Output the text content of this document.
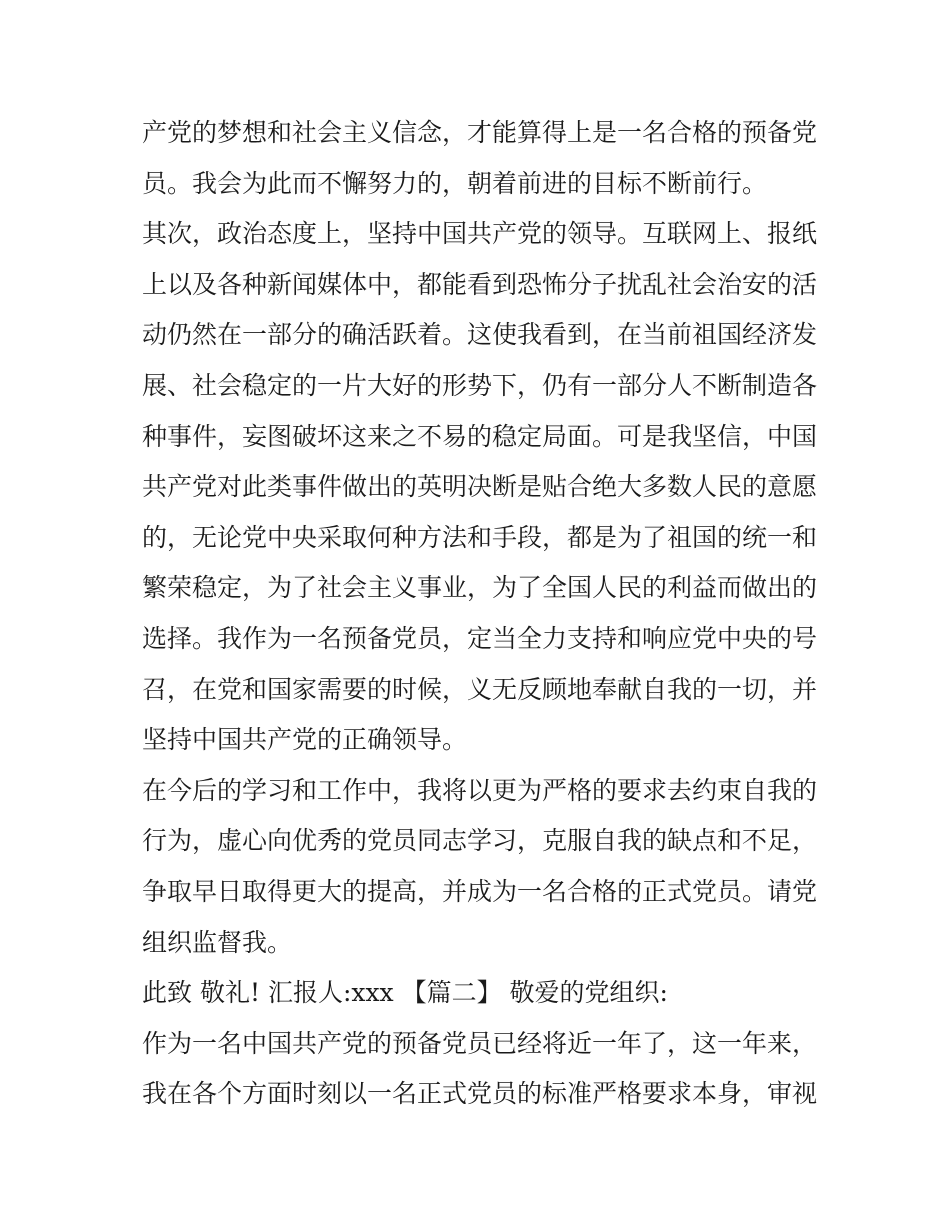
产党的梦想和社会主义信念，才能算得上是一名合格的预备党
员。我会为此而不懈努力的，朝着前进的目标不断前行。
其次，政治态度上，坚持中国共产党的领导。互联网上、报纸
上以及各种新闻媒体中，都能看到恐怖分子扰乱社会治安的活
动仍然在一部分的确活跃着。这使我看到，在当前祖国经济发
展、社会稳定的一片大好的形势下，仍有一部分人不断制造各
种事件，妄图破坏这来之不易的稳定局面。可是我坚信，中国
共产党对此类事件做出的英明决断是贴合绝大多数人民的意愿
的，无论党中央采取何种方法和手段，都是为了祖国的统一和
繁荣稳定，为了社会主义事业，为了全国人民的利益而做出的
选择。我作为一名预备党员，定当全力支持和响应党中央的号
召，在党和国家需要的时候，义无反顾地奉献自我的一切，并
坚持中国共产党的正确领导。
在今后的学习和工作中，我将以更为严格的要求去约束自我的
行为，虚心向优秀的党员同志学习，克服自我的缺点和不足，
争取早日取得更大的提高，并成为一名合格的正式党员。请党
组织监督我。
此致 敬礼! 汇报人:xxx 【篇二】 敬爱的党组织:
作为一名中国共产党的预备党员已经将近一年了，这一年来，
我在各个方面时刻以一名正式党员的标准严格要求本身，审视
